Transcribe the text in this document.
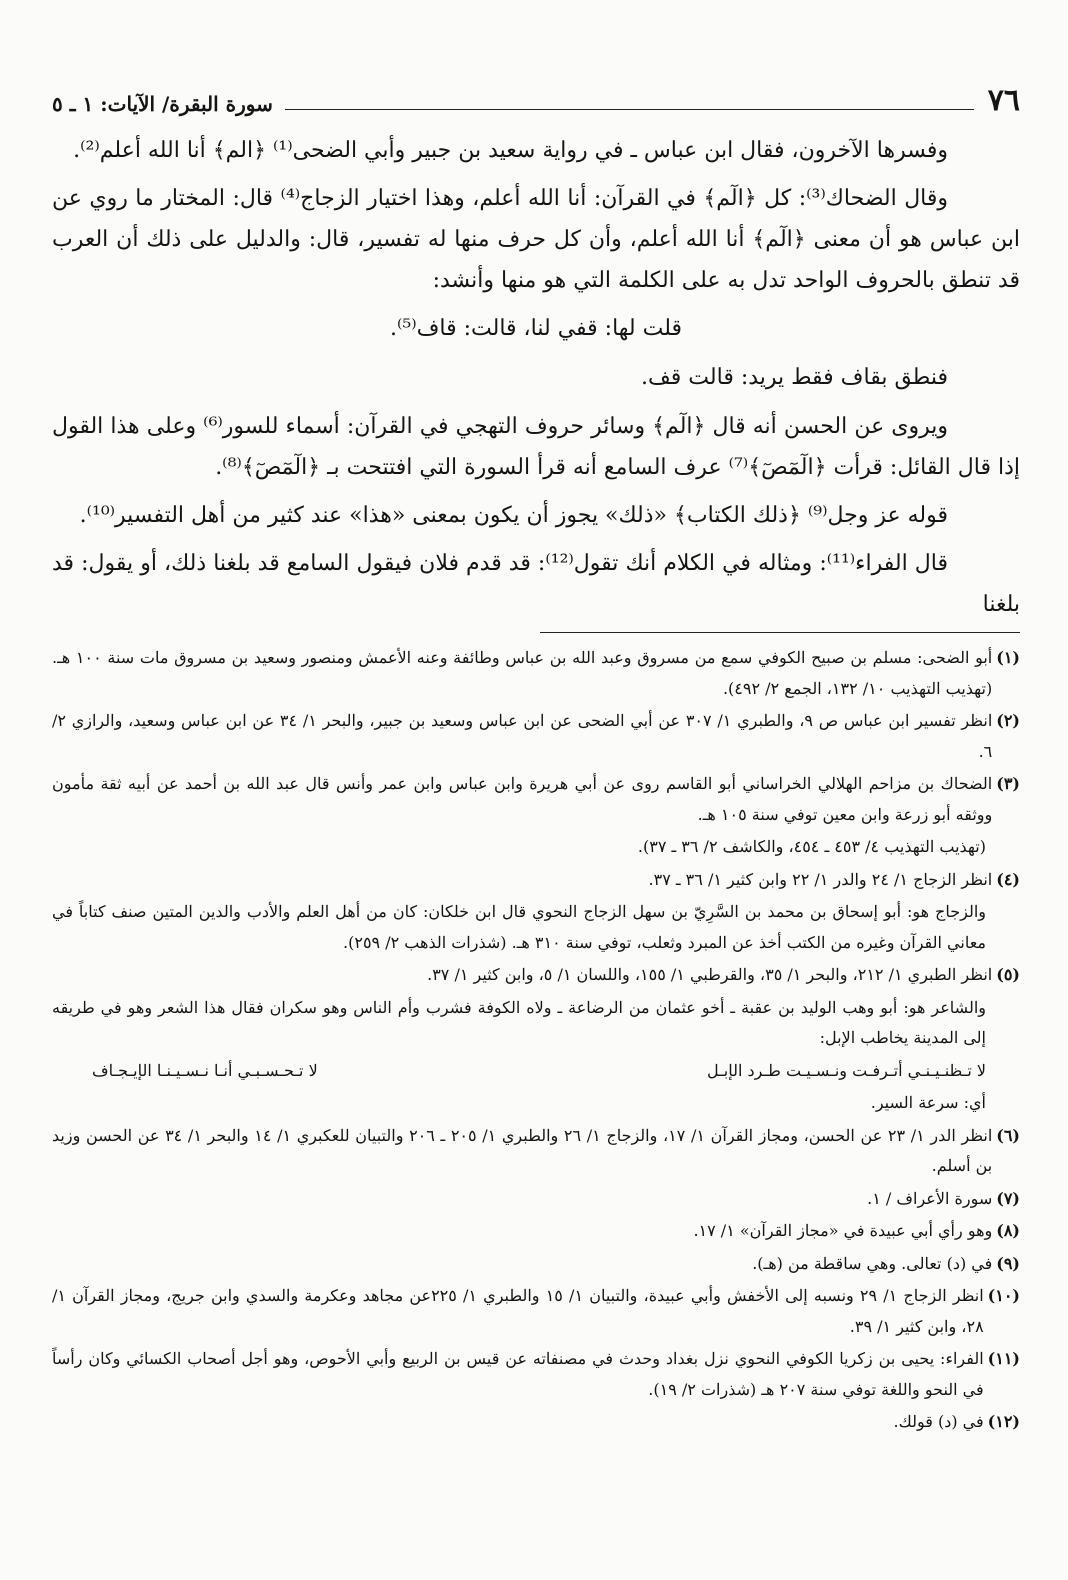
٧٦
سورة البقرة/ الآيات: ١ ـ ٥

وفسرها الآخرون، فقال ابن عباس ـ في رواية سعيد بن جبير وأبي الضحى⁽¹⁾ ﴿الم﴾ أنا الله أعلم⁽²⁾.

وقال الضحاك⁽³⁾: كل ﴿الٓم﴾ في القرآن: أنا الله أعلم، وهذا اختيار الزجاج⁽⁴⁾ قال: المختار ما روي عن ابن عباس هو أن معنى ﴿الٓم﴾ أنا الله أعلم، وأن كل حرف منها له تفسير، قال: والدليل على ذلك أن العرب قد تنطق بالحروف الواحد تدل به على الكلمة التي هو منها وأنشد:

قلت لها: قفي لنا، قالت: قاف⁽⁵⁾.

فنطق بقاف فقط يريد: قالت قف.

ويروى عن الحسن أنه قال ﴿الٓم﴾ وسائر حروف التهجي في القرآن: أسماء للسور⁽⁶⁾ وعلى هذا القول إذا قال القائل: قرأت ﴿الٓمٓصٓ﴾⁽⁷⁾ عرف السامع أنه قرأ السورة التي افتتحت بـ ﴿الٓمٓصٓ﴾⁽⁸⁾.

قوله عز وجل⁽⁹⁾ ﴿ذلك الكتاب﴾ «ذلك» يجوز أن يكون بمعنى «هذا» عند كثير من أهل التفسير⁽¹⁰⁾.

قال الفراء⁽¹¹⁾: ومثاله في الكلام أنك تقول⁽¹²⁾: قد قدم فلان فيقول السامع قد بلغنا ذلك، أو يقول: قد بلغنا

(١)
أبو الضحى: مسلم بن صبيح الكوفي سمع من مسروق وعبد الله بن عباس وطائفة وعنه الأعمش ومنصور وسعيد بن مسروق مات سنة ١٠٠ هـ. (تهذيب التهذيب ١٠/ ١٣٢، الجمع ٢/ ٤٩٢).
(٢)
انظر تفسير ابن عباس ص ٩، والطبري ١/ ٣٠٧ عن أبي الضحى عن ابن عباس وسعيد بن جبير، والبحر ١/ ٣٤ عن ابن عباس وسعيد، والرازي ٢/ ٦.
(٣)
الضحاك بن مزاحم الهلالي الخراساني أبو القاسم روى عن أبي هريرة وابن عباس وابن عمر وأنس قال عبد الله بن أحمد عن أبيه ثقة مأمون ووثقه أبو زرعة وابن معين توفي سنة ١٠٥ هـ.
(تهذيب التهذيب ٤/ ٤٥٣ ـ ٤٥٤، والكاشف ٢/ ٣٦ ـ ٣٧).
(٤)
انظر الزجاج ١/ ٢٤ والدر ١/ ٢٢ وابن كثير ١/ ٣٦ ـ ٣٧.
والزجاج هو: أبو إسحاق بن محمد بن السَّرِيّ بن سهل الزجاج النحوي قال ابن خلكان: كان من أهل العلم والأدب والدين المتين صنف كتاباً في معاني القرآن وغيره من الكتب أخذ عن المبرد وثعلب، توفي سنة ٣١٠ هـ. (شذرات الذهب ٢/ ٢٥٩).
(٥)
انظر الطبري ١/ ٢١٢، والبحر ١/ ٣٥، والقرطبي ١/ ١٥٥، واللسان ١/ ٥، وابن كثير ١/ ٣٧.
والشاعر هو: أبو وهب الوليد بن عقبة ـ أخو عثمان من الرضاعة ـ ولاه الكوفة فشرب وأم الناس وهو سكران فقال هذا الشعر وهو في طريقه إلى المدينة يخاطب الإبل:
لا تـظنـيـنـي أتـرفـت ونـسـيـت طـرد الإبـل
لا تـحـسـبـي أنـا نـسـيـنـا الإيـجـاف
أي: سرعة السير.
(٦)
انظر الدر ١/ ٢٣ عن الحسن، ومجاز القرآن ١/ ١٧، والزجاج ١/ ٢٦ والطبري ١/ ٢٠٥ ـ ٢٠٦ والتبيان للعكبري ١/ ١٤ والبحر ١/ ٣٤ عن الحسن وزيد بن أسلم.
(٧)
سورة الأعراف / ١.
(٨)
وهو رأي أبي عبيدة في «مجاز القرآن» ١/ ١٧.
(٩)
في (د) تعالى. وهي ساقطة من (هـ).
(١٠)
انظر الزجاج ١/ ٢٩ ونسبه إلى الأخفش وأبي عبيدة، والتبيان ١/ ١٥ والطبري ١/ ٢٢٥عن مجاهد وعكرمة والسدي وابن جريج، ومجاز القرآن ١/ ٢٨، وابن كثير ١/ ٣٩.
(١١)
الفراء: يحيى بن زكريا الكوفي النحوي نزل بغداد وحدث في مصنفاته عن قيس بن الربيع وأبي الأحوص، وهو أجل أصحاب الكسائي وكان رأساً في النحو واللغة توفي سنة ٢٠٧ هـ (شذرات ٢/ ١٩).
(١٢)
في (د) قولك.
